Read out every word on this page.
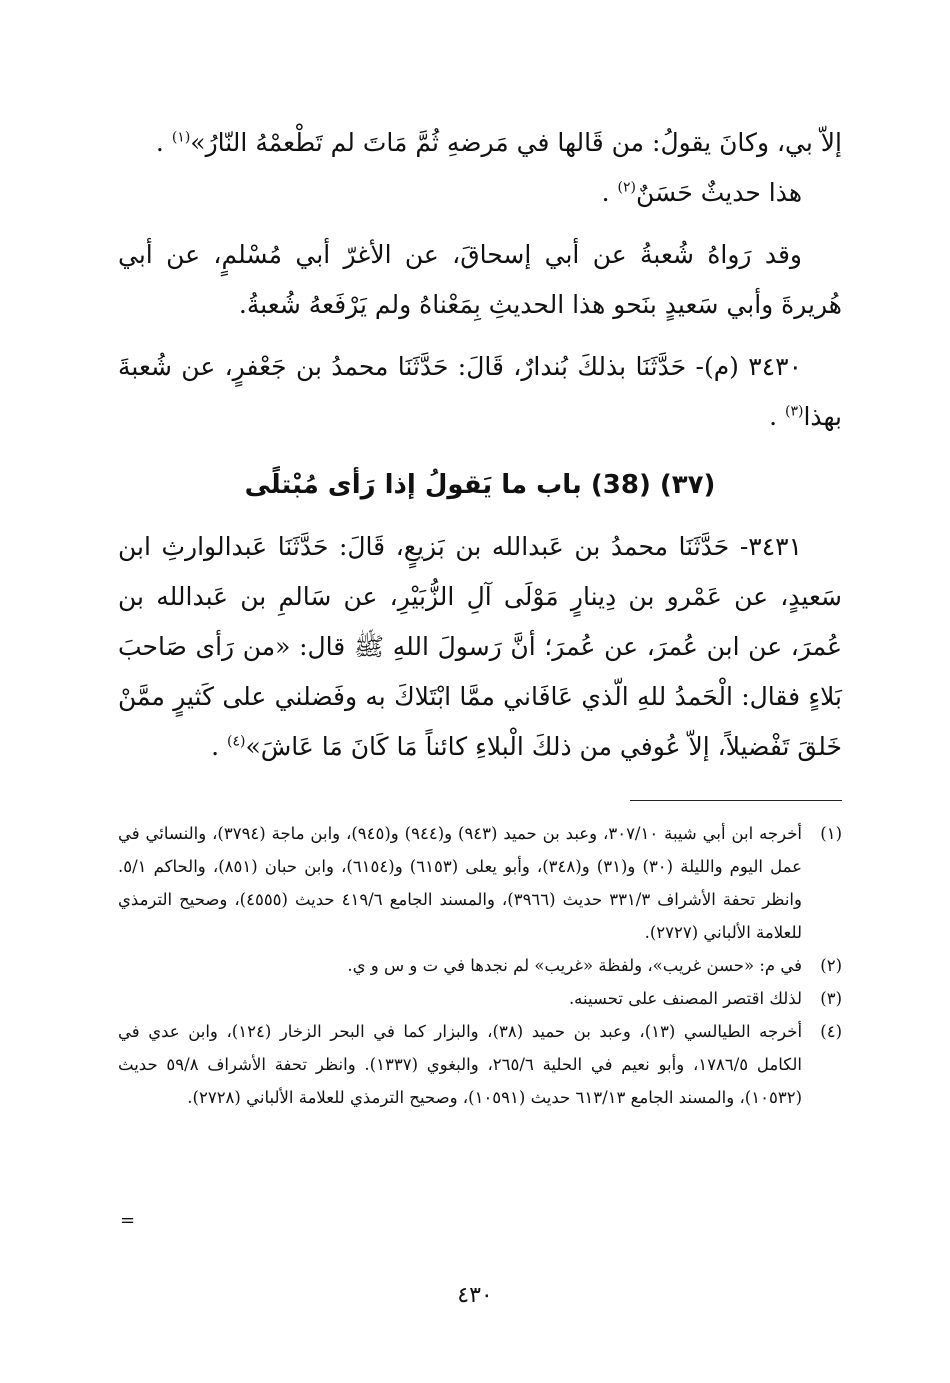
إلاّ بي، وكانَ يقولُ: من قَالها في مَرضهِ ثُمَّ مَاتَ لم تَطْعمْهُ النّارُ»$^{(١)}$ .

هذا حديثٌ حَسَنٌ$^{(٢)}$ .

وقد رَواهُ شُعبةُ عن أبي إسحاقَ، عن الأغرّ أبي مُسْلمٍ، عن أبي هُريرةَ وأبي سَعيدٍ بنَحو هذا الحديثِ بِمَعْناهُ ولم يَرْفَعهُ شُعبةُ.

٣٤٣٠ (م)- حَدَّثَنَا بذلكَ بُندارٌ، قَالَ: حَدَّثَنَا محمدُ بن جَعْفرٍ، عن شُعبةَ بهذا$^{(٣)}$ .

(٣٧) (38) باب ما يَقولُ إذا رَأى مُبْتلًى

٣٤٣١- حَدَّثَنَا محمدُ بن عَبدالله بن بَزيعٍ، قَالَ: حَدَّثَنَا عَبدالوارثِ ابن سَعيدٍ، عن عَمْرو بن دِينارٍ مَوْلَى آلِ الزُّبَيْرِ، عن سَالمِ بن عَبدالله بن عُمرَ، عن ابن عُمرَ، عن عُمرَ؛ أنَّ رَسولَ اللهِ ﷺ قال: «من رَأى صَاحبَ بَلاءٍ فقال: الْحَمدُ للهِ الّذي عَافَاني ممَّا ابْتَلاكَ به وفَضلني على كَثيرٍ ممَّنْ خَلقَ تَفْضيلاً، إلاّ عُوفي من ذلكَ الْبلاءِ كائناً مَا كَانَ مَا عَاشَ»$^{(٤)}$ .

(١)
أخرجه ابن أبي شيبة ٣٠٧/١٠، وعبد بن حميد (٩٤٣) و(٩٤٤) و(٩٤٥)، وابن ماجة (٣٧٩٤)، والنسائي في عمل اليوم والليلة (٣٠) و(٣١) و(٣٤٨)، وأبو يعلى (٦١٥٣) و(٦١٥٤)، وابن حبان (٨٥١)، والحاكم ٥/١. وانظر تحفة الأشراف ٣٣١/٣ حديث (٣٩٦٦)، والمسند الجامع ٤١٩/٦ حديث (٤٥٥٥)، وصحيح الترمذي للعلامة الألباني (٢٧٢٧).
(٢)
في م: «حسن غريب»، ولفظة «غريب» لم نجدها في ت و س و ي.
(٣)
لذلك اقتصر المصنف على تحسينه.
(٤)
أخرجه الطيالسي (١٣)، وعبد بن حميد (٣٨)، والبزار كما في البحر الزخار (١٢٤)، وابن عدي في الكامل ١٧٨٦/٥، وأبو نعيم في الحلية ٢٦٥/٦، والبغوي (١٣٣٧). وانظر تحفة الأشراف ٥٩/٨ حديث (١٠٥٣٢)، والمسند الجامع ٦١٣/١٣ حديث (١٠٥٩١)، وصحيح الترمذي للعلامة الألباني (٢٧٢٨).
=
٤٣٠
